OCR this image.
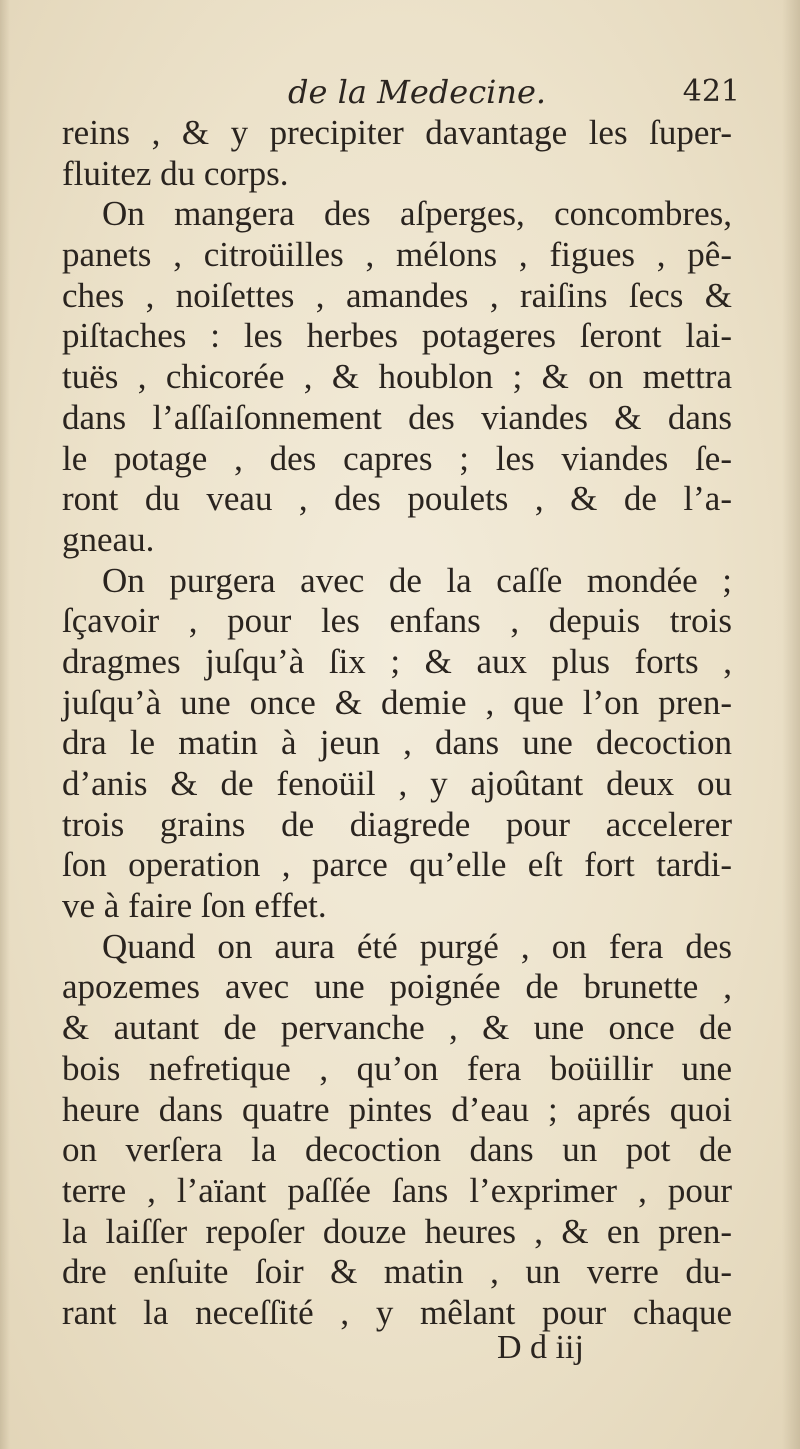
de la Medecine.	421
reins , & y precipiter davantage les ſuper-
fluitez du corps.
On mangera des aſperges, concombres,
panets , citroüilles , mélons , figues , pê-
ches , noiſettes , amandes , raiſins ſecs &
piſtaches : les herbes potageres ſeront lai-
tuës , chicorée , & houblon ; & on mettra
dans l’aſſaiſonnement des viandes & dans
le potage , des capres ; les viandes ſe-
ront du veau , des poulets , & de l’a-
gneau.
On purgera avec de la caſſe mondée ;
ſçavoir , pour les enfans , depuis trois
dragmes juſqu’à ſix ; & aux plus forts ,
juſqu’à une once & demie , que l’on pren-
dra le matin à jeun , dans une decoction
d’anis & de fenoüil , y ajoûtant deux ou
trois grains de diagrede pour accelerer
ſon operation , parce qu’elle eſt fort tardi-
ve à faire ſon effet.
Quand on aura été purgé , on fera des
apozemes avec une poignée de brunette ,
& autant de pervanche , & une once de
bois nefretique , qu’on fera boüillir une
heure dans quatre pintes d’eau ; aprés quoi
on verſera la decoction dans un pot de
terre , l’aïant paſſée ſans l’exprimer , pour
la laiſſer repoſer douze heures , & en pren-
dre enſuite ſoir & matin , un verre du-
rant la neceſſité , y mêlant pour chaque
D d iij
